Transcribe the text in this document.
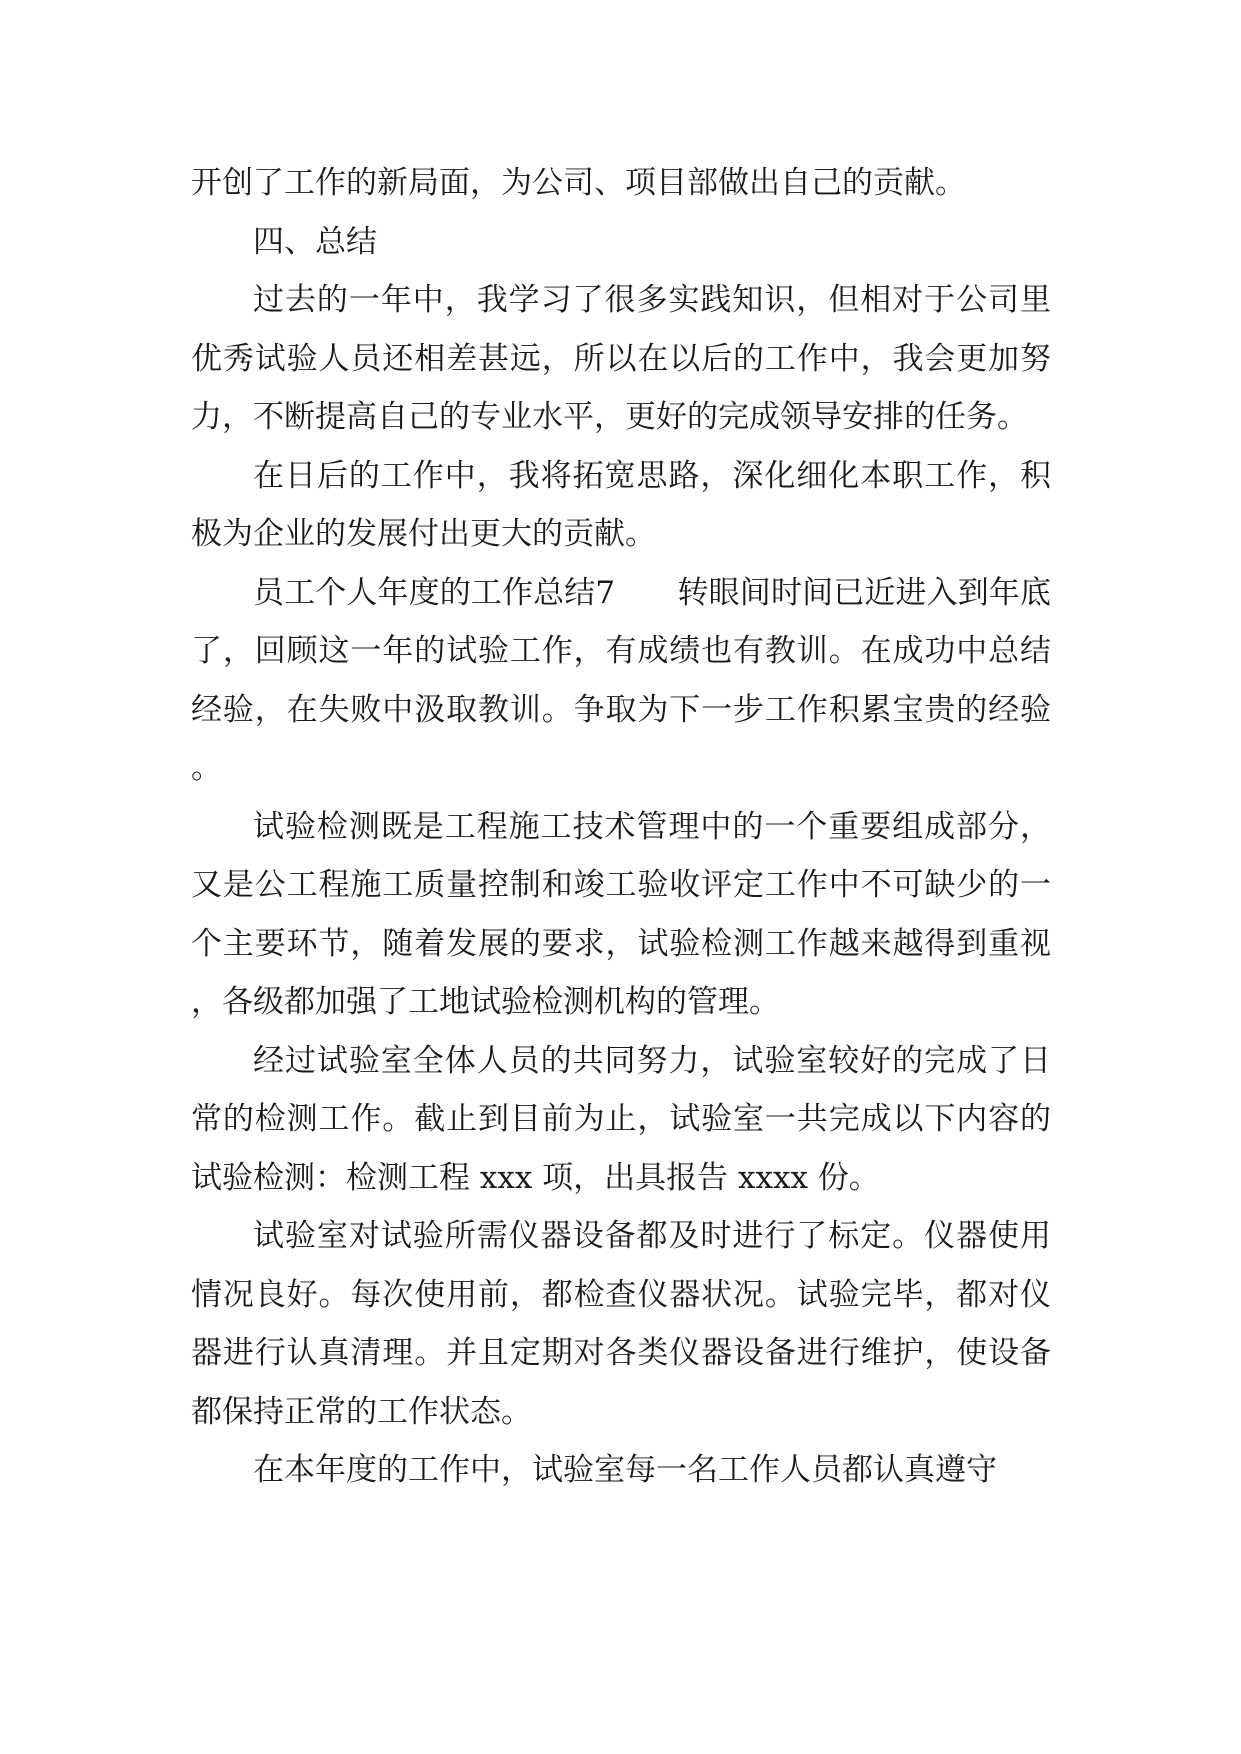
开创了工作的新局面，为公司、项目部做出自己的贡献。

四、总结

过去的一年中，我学习了很多实践知识，但相对于公司里优秀试验人员还相差甚远，所以在以后的工作中，我会更加努力，不断提高自己的专业水平，更好的完成领导安排的任务。

在日后的工作中，我将拓宽思路，深化细化本职工作，积极为企业的发展付出更大的贡献。

员工个人年度的工作总结7　　转眼间时间已近进入到年底了，回顾这一年的试验工作，有成绩也有教训。在成功中总结经验，在失败中汲取教训。争取为下一步工作积累宝贵的经验。

试验检测既是工程施工技术管理中的一个重要组成部分， 又是公工程施工质量控制和竣工验收评定工作中不可缺少的一个主要环节，随着发展的要求，试验检测工作越来越得到重视，各级都加强了工地试验检测机构的管理。

经过试验室全体人员的共同努力，试验室较好的完成了日常的检测工作。截止到目前为止，试验室一共完成以下内容的试验检测：检测工程 xxx 项，出具报告 xxxx 份。

试验室对试验所需仪器设备都及时进行了标定。仪器使用情况良好。每次使用前，都检查仪器状况。试验完毕，都对仪器进行认真清理。并且定期对各类仪器设备进行维护，使设备都保持正常的工作状态。

在本年度的工作中，试验室每一名工作人员都认真遵守
